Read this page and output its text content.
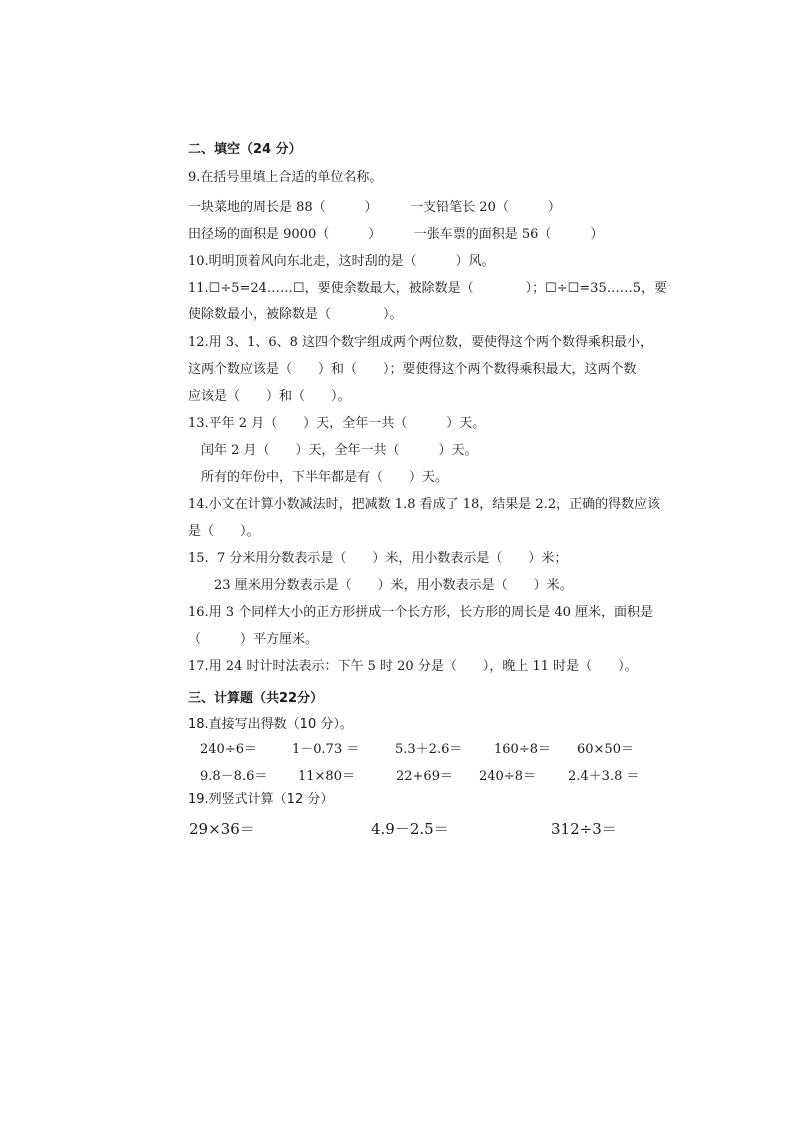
二、填空（24 分）
9.在括号里填上合适的单位名称。
一块菜地的周长是 88（　　　）　　　一支铅笔长 20（　　　）
田径场的面积是 9000（　　　）　　　一张车票的面积是 56（　　　）
10.明明顶着风向东北走，这时刮的是（　　　）风。
11.☐÷5=24……☐，要使余数最大，被除数是（　　　　）；☐÷☐=35……5，要
使除数最小，被除数是（　　　　）。
12.用 3、1、6、8 这四个数字组成两个两位数，要使得这个两个数得乘积最小，
这两个数应该是（　　）和（　　）；要使得这个两个数得乘积最大，这两个数
应该是（　　）和（　　）。
13.平年 2 月（　　）天，全年一共（　　　）天。
　闰年 2 月（　　）天，全年一共（　　　）天。
　所有的年份中，下半年都是有（　　）天。
14.小文在计算小数减法时，把减数 1.8 看成了 18，结果是 2.2，正确的得数应该
是（　　）。
15.  7 分米用分数表示是（　　）米，用小数表示是（　　）米；
　　23 厘米用分数表示是（　　）米，用小数表示是（　　）米。
16.用 3 个同样大小的正方形拼成一个长方形，长方形的周长是 40 厘米，面积是
（　　　）平方厘米。
17.用 24 时计时法表示：下午 5 时 20 分是（　　），晚上 11 时是（　　）。
三、计算题（共22分）
18.直接写出得数（10 分）。
240÷6＝	1－0.73 ＝	5.3＋2.6＝ 160÷8＝ 60×50＝
9.8－8.6＝ 11×80＝	22+69＝ 240÷8＝ 2.4＋3.8 ＝
19.列竖式计算（12 分）
29×36＝	4.9－2.5＝	312÷3＝
